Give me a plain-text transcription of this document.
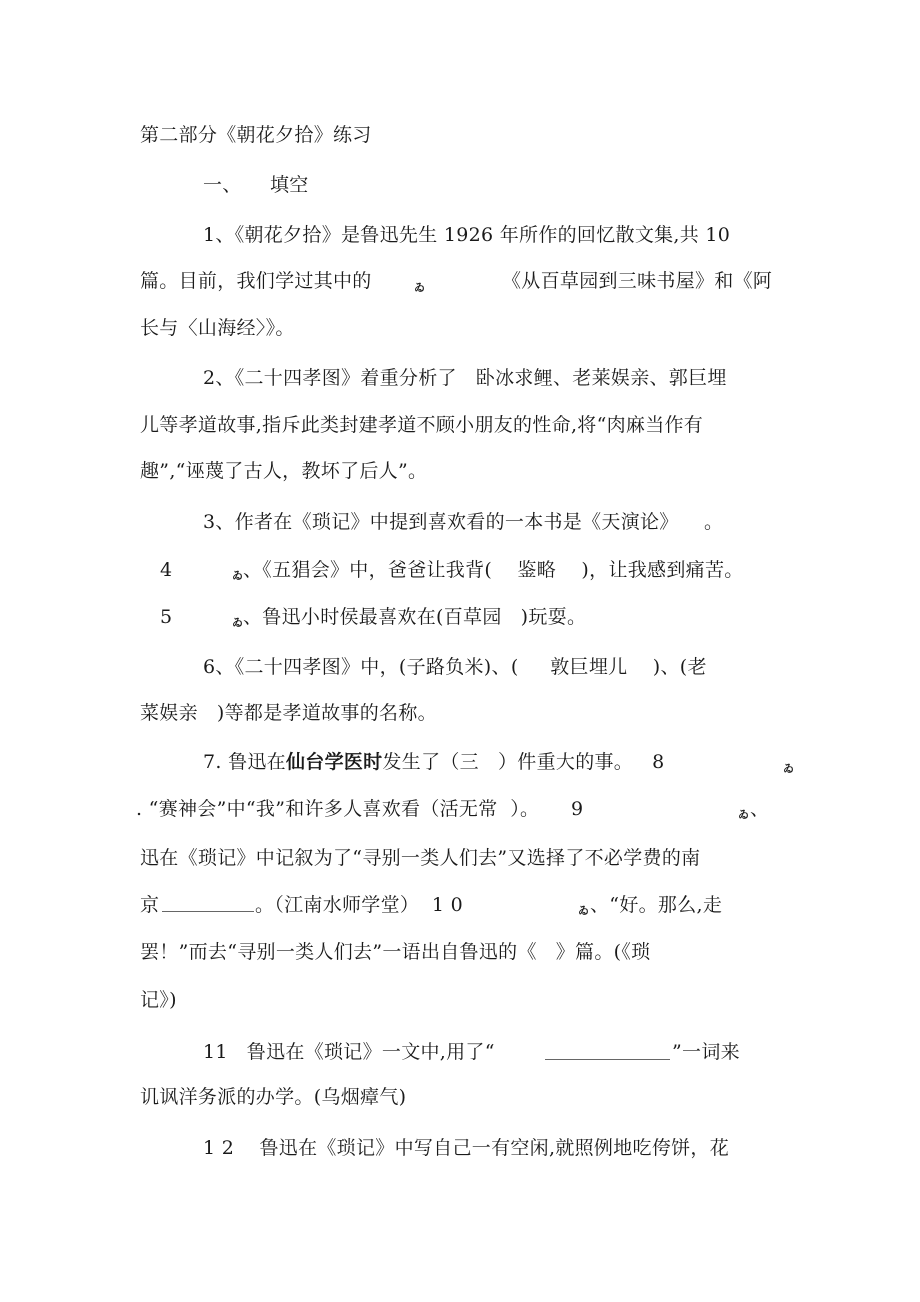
第二部分《朝花夕拾》练习
一、 填空
1、《朝花夕拾》是鲁迅先生 1926 年所作的回忆散文集,共 10
篇。目前，我们学过其中的	ゐ	《从百草园到三味书屋》和《阿
长与〈山海经〉》。
2、《二十四孝图》着重分析了   卧冰求鲤、老莱娱亲、郭巨埋
儿等孝道故事,指斥此类封建孝道不顾小朋友的性命,将“肉麻当作有
趣”,“诬蔑了古人，教坏了后人”。
3、作者在《琐记》中提到喜欢看的一本书是《天演论》    。
4	ゐ 、《五猖会》中，爸爸让我背(    鉴略    )，让我感到痛苦。
5	ゐ 、鲁迅小时侯最喜欢在(百草园   )玩耍。
6、《二十四孝图》中，(子路负米)、(     敦巨埋儿    )、(老
菜娱亲   )等都是孝道故事的名称。
7. 鲁迅在仙台学医时发生了（三   ）件重大的事。   8	ゐ
. “赛神会”中“我”和许多人喜欢看（活无常  ）。     9	ゐ 、
迅在《琐记》中记叙为了“寻别一类人们去”又选择了不必学费的南
京	。（江南水师学堂）  1 0	ゐ 、“好。那么,走
罢！”而去“寻别一类人们去”一语出自鲁迅的《   》篇。(《琐
记》)
11   鲁迅在《琐记》一文中,用了“	”一词来
讥讽洋务派的办学。(乌烟瘴气)
1 2    鲁迅在《琐记》中写自己一有空闲,就照例地吃侉饼，花
